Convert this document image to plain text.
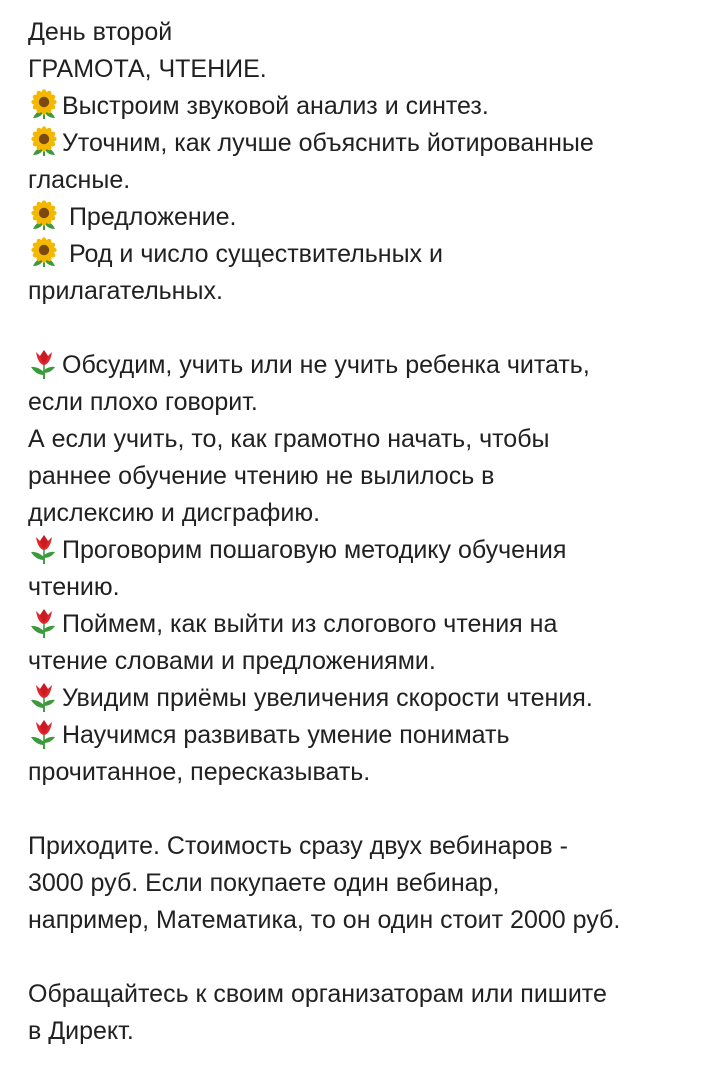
День второй
ГРАМОТА, ЧТЕНИЕ.
Выстроим звуковой анализ и синтез.
Уточним, как лучше объяснить йотированные
гласные.
Предложение.
Род и число существительных и
прилагательных.
Обсудим, учить или не учить ребенка читать,
если плохо говорит.
А если учить, то, как грамотно начать, чтобы
раннее обучение чтению не вылилось в
дислексию и дисграфию.
Проговорим пошаговую методику обучения
чтению.
Поймем, как выйти из слогового чтения на
чтение словами и предложениями.
Увидим приёмы увеличения скорости чтения.
Научимся развивать умение понимать
прочитанное, пересказывать.
Приходите. Стоимость сразу двух вебинаров -
3000 руб. Если покупаете один вебинар,
например, Математика, то он один стоит 2000 руб.
Обращайтесь к своим организаторам или пишите
в Директ.
